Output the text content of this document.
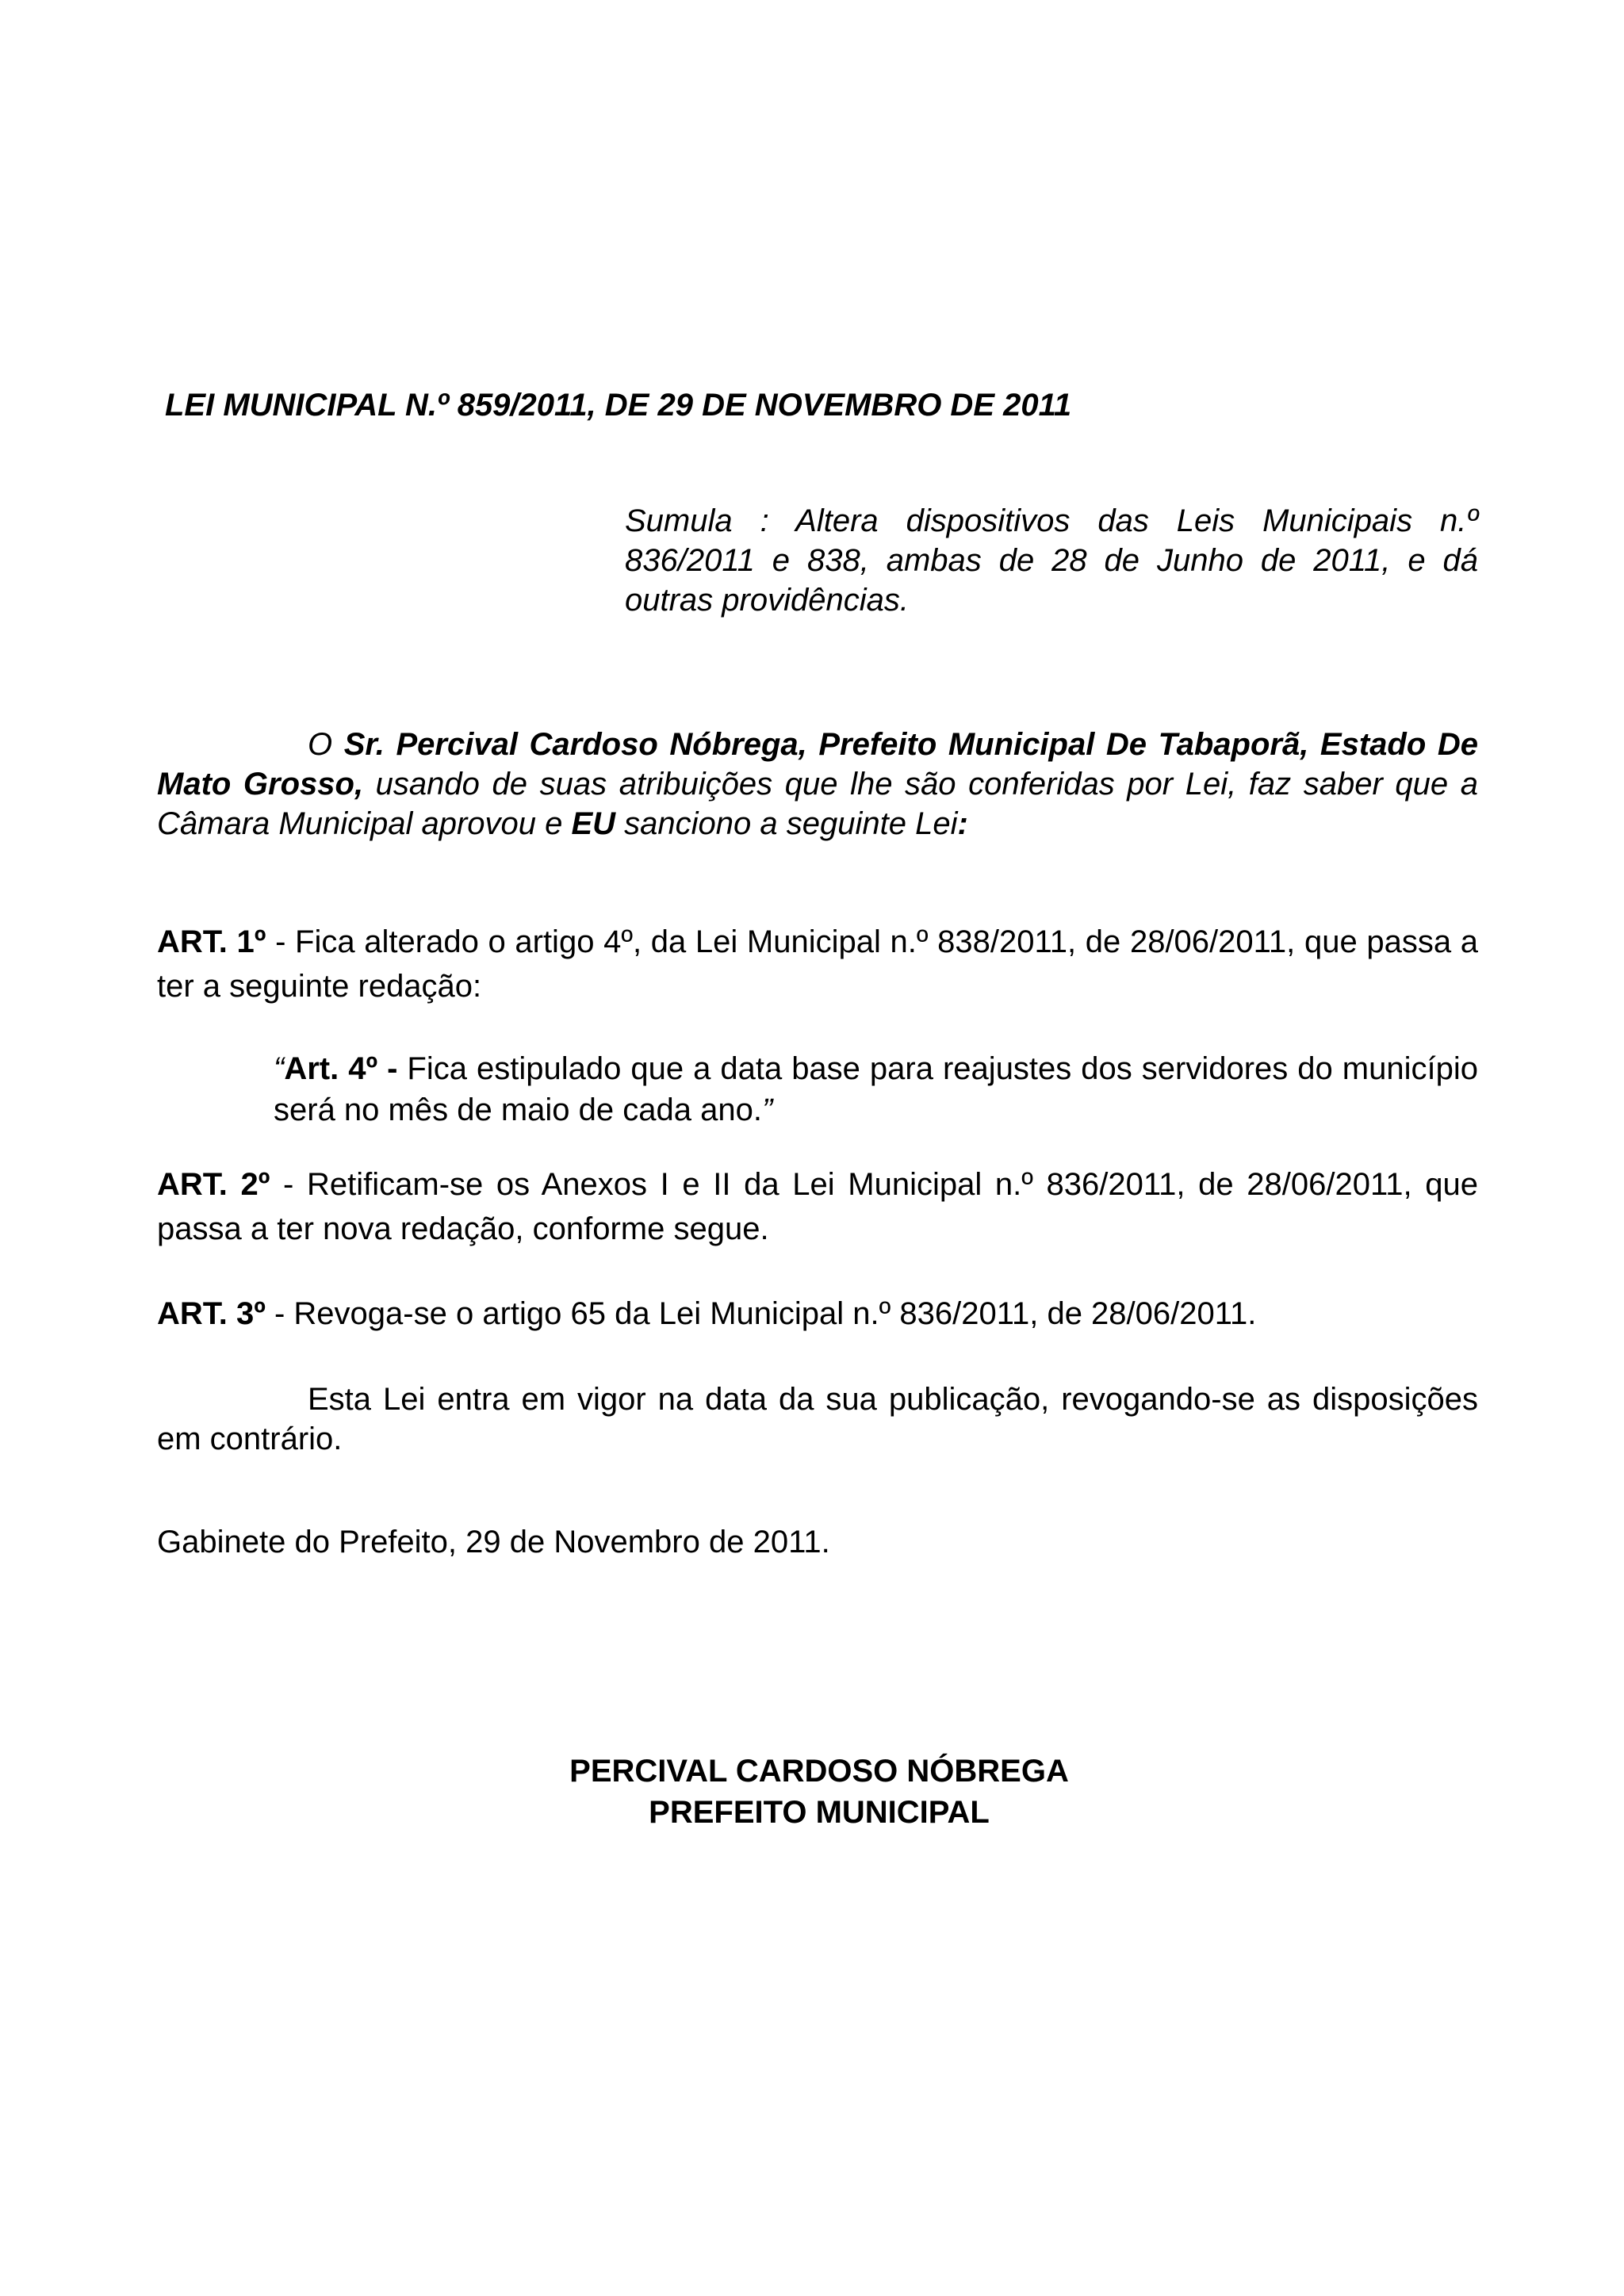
LEI MUNICIPAL N.º 859/2011, DE 29 DE NOVEMBRO DE 2011

Sumula : Altera dispositivos das Leis Municipais n.º 836/2011 e 838, ambas de 28 de Junho de 2011, e dá outras providências.

O Sr. Percival Cardoso Nóbrega, Prefeito Municipal De Tabaporã, Estado De Mato Grosso, usando de suas atribuições que lhe são conferidas por Lei, faz saber que a Câmara Municipal aprovou e EU sanciono a seguinte Lei:

ART. 1º - Fica alterado o artigo 4º, da Lei Municipal n.º 838/2011, de 28/06/2011, que passa a ter a seguinte redação:

“Art. 4º - Fica estipulado que a data base para reajustes dos servidores do município será no mês de maio de cada ano.”

ART. 2º - Retificam-se os Anexos I e II da Lei Municipal n.º 836/2011, de 28/06/2011, que passa a ter nova redação, conforme segue.

ART. 3º - Revoga-se o artigo 65 da Lei Municipal n.º 836/2011, de 28/06/2011.

Esta Lei entra em vigor na data da sua publicação, revogando-se as disposições em contrário.

Gabinete do Prefeito, 29 de Novembro de 2011.

PERCIVAL CARDOSO NÓBREGA
PREFEITO MUNICIPAL
